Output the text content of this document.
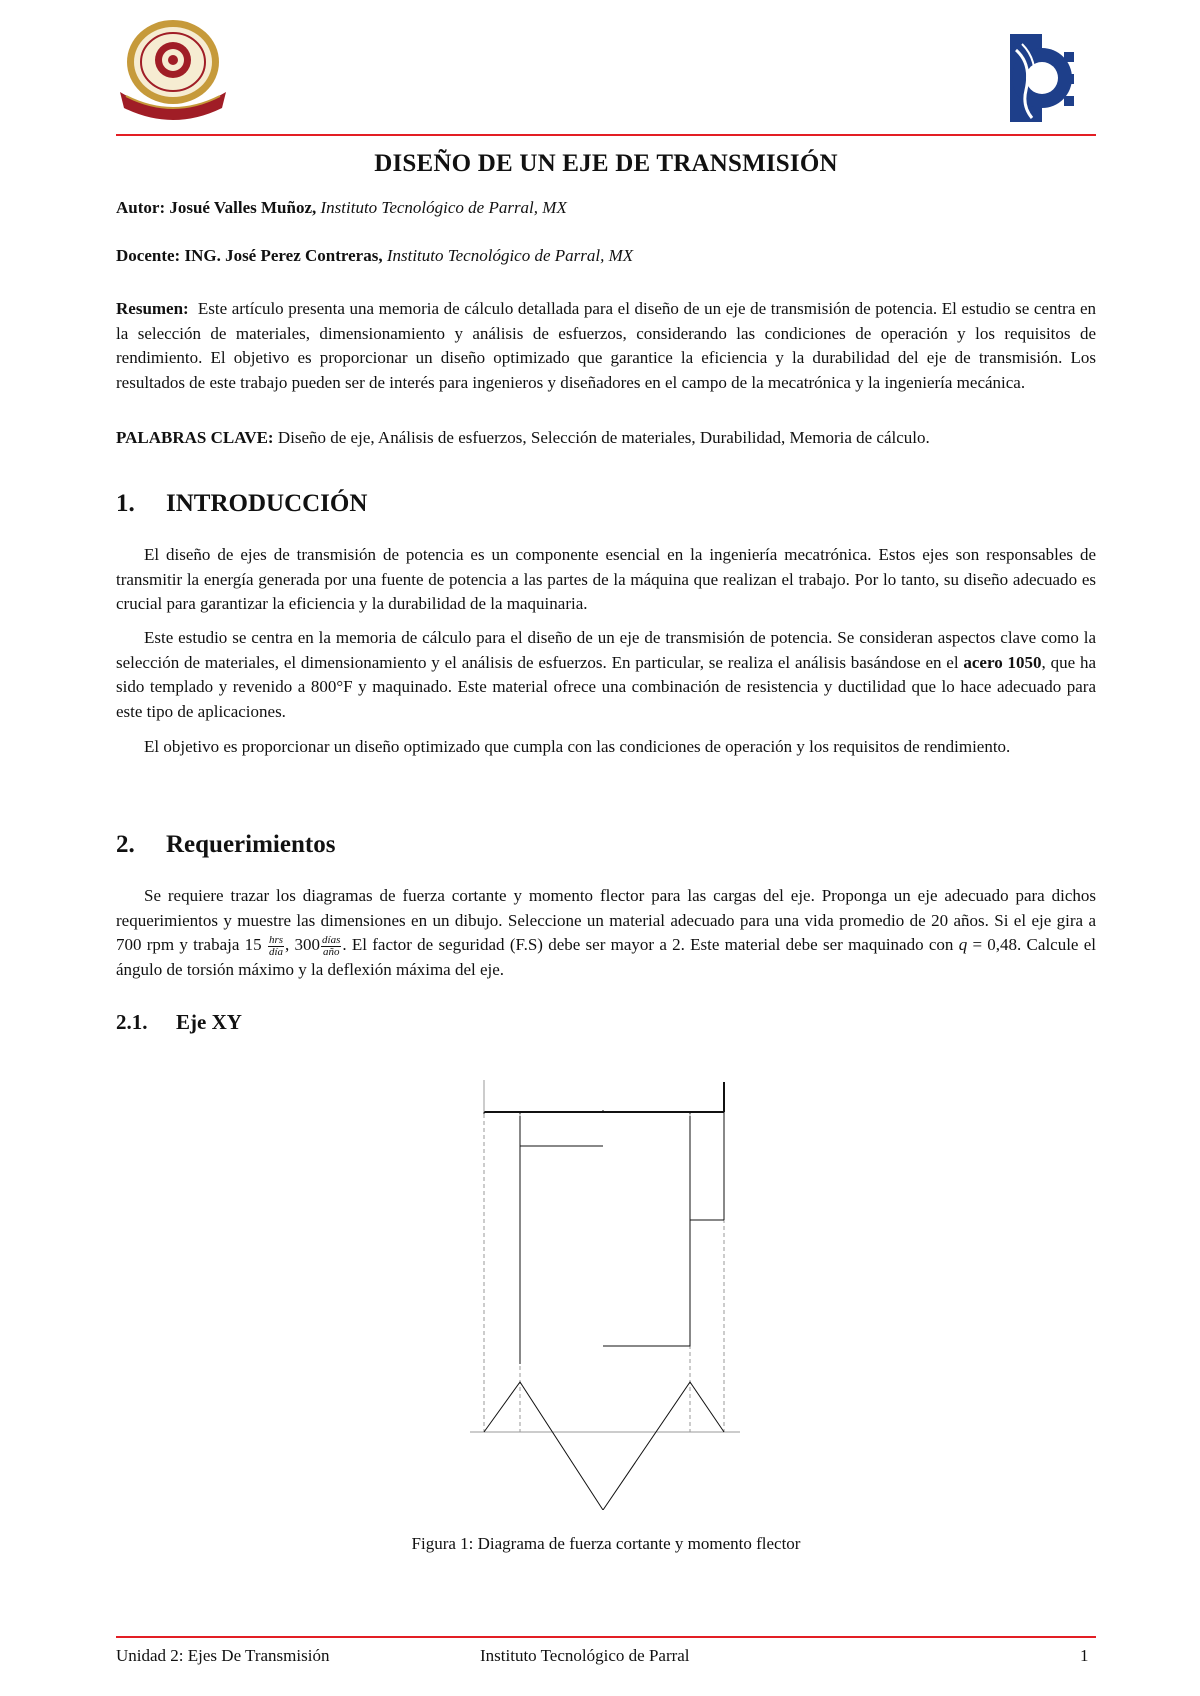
DISEÑO DE UN EJE DE TRANSMISIÓN
Autor: Josué Valles Muñoz, Instituto Tecnológico de Parral, MX
Docente: ING. José Perez Contreras, Instituto Tecnológico de Parral, MX
Resumen: Este artículo presenta una memoria de cálculo detallada para el diseño de un eje de transmisión de potencia. El estudio se centra en la selección de materiales, dimensionamiento y análisis de esfuerzos, considerando las condiciones de operación y los requisitos de rendimiento. El objetivo es proporcionar un diseño optimizado que garantice la eficiencia y la durabilidad del eje de transmisión. Los resultados de este trabajo pueden ser de interés para ingenieros y diseñadores en el campo de la mecatrónica y la ingeniería mecánica.
PALABRAS CLAVE: Diseño de eje, Análisis de esfuerzos, Selección de materiales, Durabilidad, Memoria de cálculo.
1. INTRODUCCIÓN

El diseño de ejes de transmisión de potencia es un componente esencial en la ingeniería mecatrónica. Estos ejes son responsables de transmitir la energía generada por una fuente de potencia a las partes de la máquina que realizan el trabajo. Por lo tanto, su diseño adecuado es crucial para garantizar la eficiencia y la durabilidad de la maquinaria.

Este estudio se centra en la memoria de cálculo para el diseño de un eje de transmisión de potencia. Se consideran aspectos clave como la selección de materiales, el dimensionamiento y el análisis de esfuerzos. En particular, se realiza el análisis basándose en el acero 1050, que ha sido templado y revenido a 800°F y maquinado. Este material ofrece una combinación de resistencia y ductilidad que lo hace adecuado para este tipo de aplicaciones.

El objetivo es proporcionar un diseño optimizado que cumpla con las condiciones de operación y los requisitos de rendimiento.

2. Requerimientos

Se requiere trazar los diagramas de fuerza cortante y momento flector para las cargas del eje. Proponga un eje adecuado para dichos requerimientos y muestre las dimensiones en un dibujo. Seleccione un material adecuado para una vida promedio de 20 años. Si el eje gira a 700 rpm y trabaja $15 \frac{\text{hrs}}{\text{día}}$ , $300 \frac{\text{días}}{\text{año}}$ . El factor de seguridad (F.S) debe ser mayor a 2. Este material debe ser maquinado con q = 0,48. Calcule el ángulo de torsión máximo y la deflexión máxima del eje.

2.1. Eje XY
Figura 1: Diagrama de fuerza cortante y momento flector
Unidad 2: Ejes De Transmisión	Instituto Tecnológico de Parral	1
